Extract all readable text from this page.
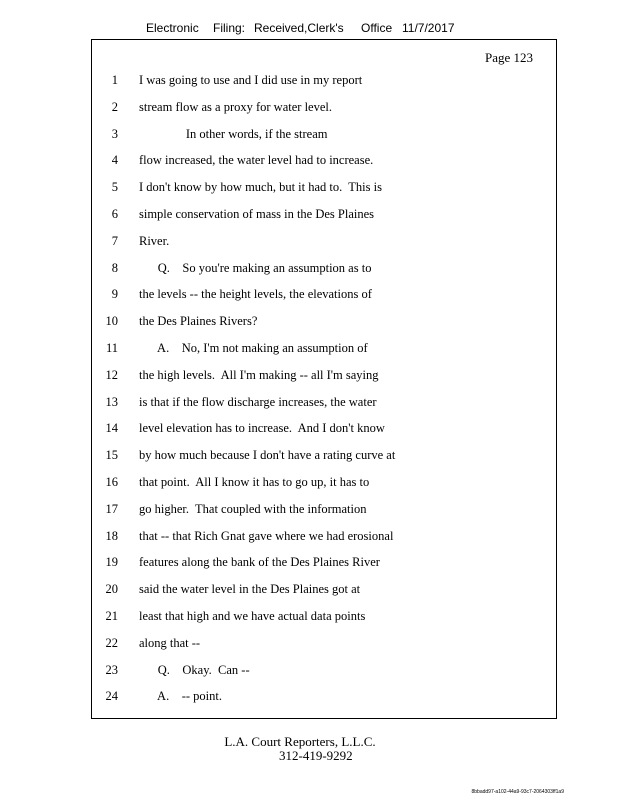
Electronic Filing: Received,Clerk's Office 11/7/2017
Page 123
1 I was going to use and I did use in my report
2 stream flow as a proxy for water level.
3 In other words, if the stream
4 flow increased, the water level had to increase.
5 I don't know by how much, but it had to.  This is
6 simple conservation of mass in the Des Plaines
7 River.
8 Q.    So you're making an assumption as to
9 the levels -- the height levels, the elevations of
10 the Des Plaines Rivers?
11 A.    No, I'm not making an assumption of
12 the high levels.  All I'm making -- all I'm saying
13 is that if the flow discharge increases, the water
14 level elevation has to increase.  And I don't know
15 by how much because I don't have a rating curve at
16 that point.  All I know it has to go up, it has to
17 go higher.  That coupled with the information
18 that -- that Rich Gnat gave where we had erosional
19 features along the bank of the Des Plaines River
20 said the water level in the Des Plaines got at
21 least that high and we have actual data points
22 along that --
23 Q.    Okay.  Can --
24 A.    -- point.
L.A. Court Reporters, L.L.C.
312-419-9292
8bbadd97-a102-44a9-93c7-2064303ff1a9
